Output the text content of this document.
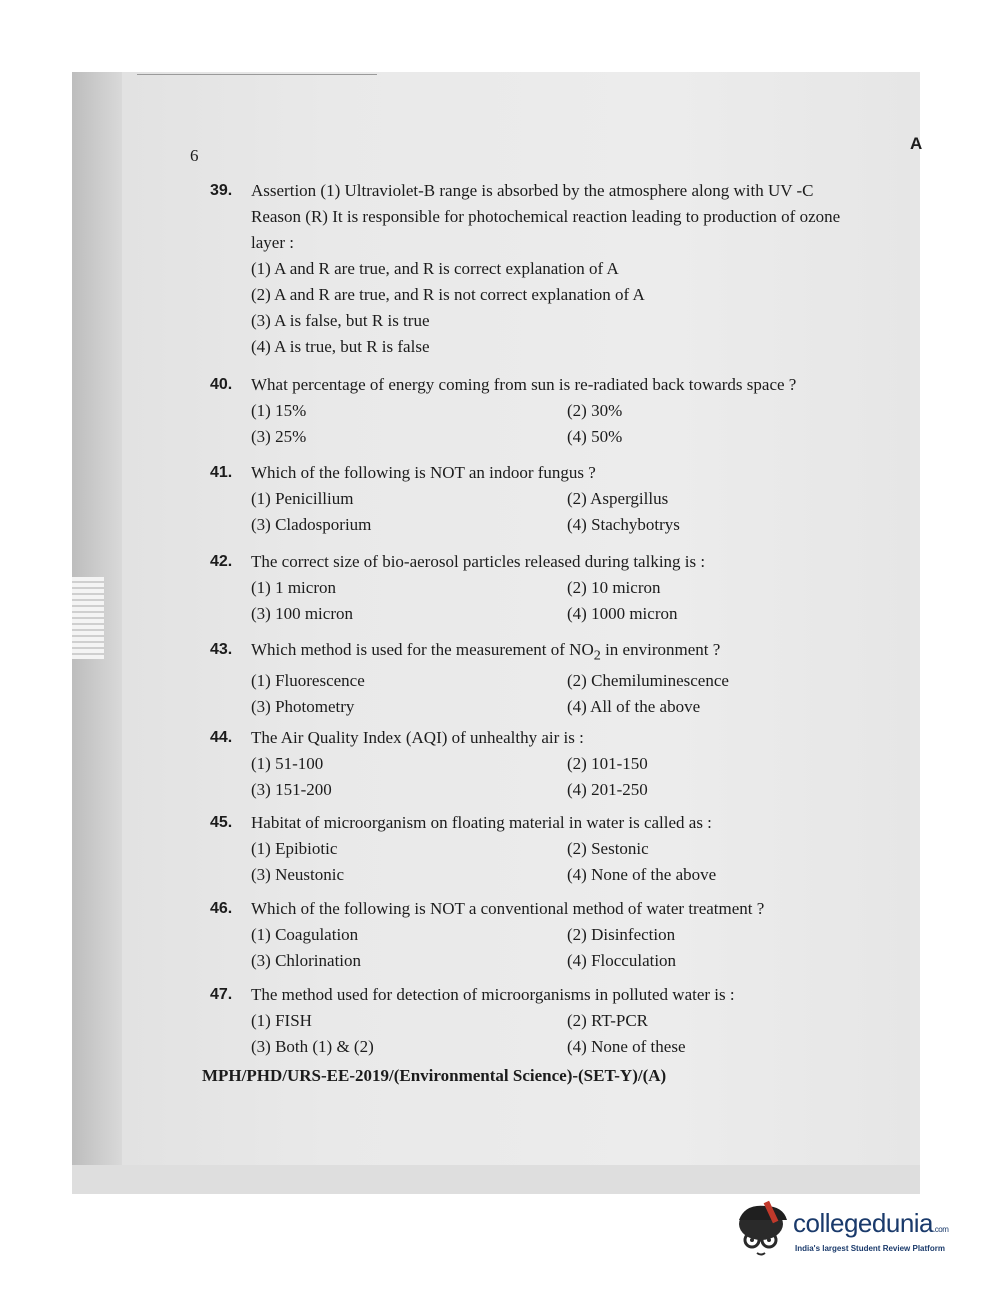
6
A
39. Assertion (1) Ultraviolet-B range is absorbed by the atmosphere along with UV -C
Reason (R) It is responsible for photochemical reaction leading to production of ozone
layer :
(1) A and R are true, and R is correct explanation of A
(2) A and R are true, and R is not correct explanation of A
(3) A is false, but R is true
(4) A is true, but R is false
40. What percentage of energy coming from sun is re-radiated back towards space ?
(1) 15%	(2) 30%
(3) 25%	(4) 50%
41. Which of the following is NOT an indoor fungus ?
(1) Penicillium	(2) Aspergillus
(3) Cladosporium	(4) Stachybotrys
42. The correct size of bio-aerosol particles released during talking is :
(1) 1 micron	(2) 10 micron
(3) 100 micron	(4) 1000 micron
43. Which method is used for the measurement of $NO_2$ in environment ?
(1) Fluorescence	(2) Chemiluminescence
(3) Photometry	(4) All of the above
44. The Air Quality Index (AQI) of unhealthy air is :
(1) 51-100	(2) 101-150
(3) 151-200	(4) 201-250
45. Habitat of microorganism on floating material in water is called as :
(1) Epibiotic	(2) Sestonic
(3) Neustonic	(4) None of the above
46. Which of the following is NOT a conventional method of water treatment ?
(1) Coagulation	(2) Disinfection
(3) Chlorination	(4) Flocculation
47. The method used for detection of microorganisms in polluted water is :
(1) FISH	(2) RT-PCR
(3) Both (1) & (2)	(4) None of these
MPH/PHD/URS-EE-2019/(Environmental Science)-(SET-Y)/(A)
collegedunia.com
India's largest Student Review Platform
